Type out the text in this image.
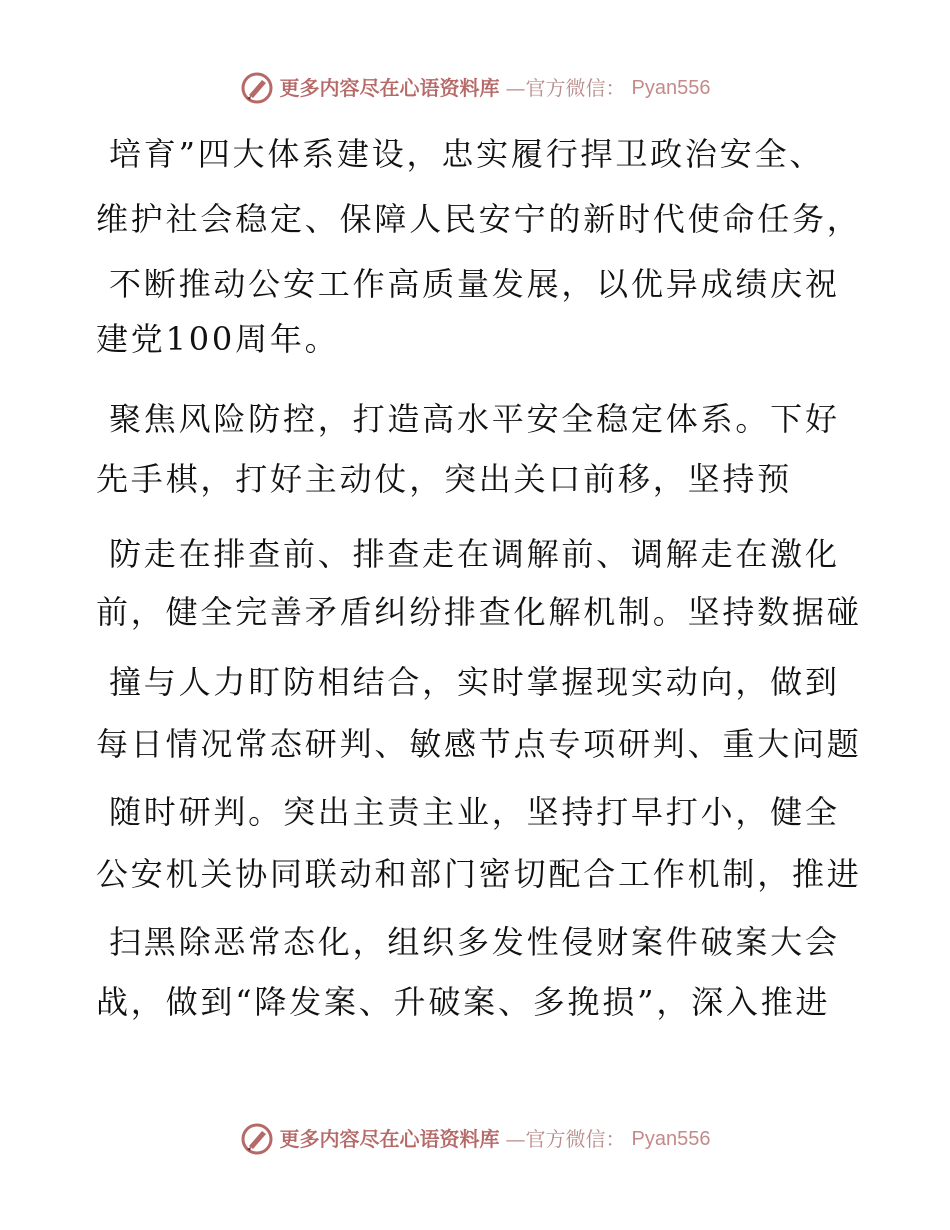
更多内容尽在心语资料库 —官方微信： Pyan556
培育”四大体系建设，忠实履行捍卫政治安全、
维护社会稳定、保障人民安宁的新时代使命任务，
不断推动公安工作高质量发展，以优异成绩庆祝
建党100周年。
聚焦风险防控，打造高水平安全稳定体系。下好
先手棋，打好主动仗，突出关口前移，坚持预
防走在排查前、排查走在调解前、调解走在激化
前，健全完善矛盾纠纷排查化解机制。坚持数据碰
撞与人力盯防相结合，实时掌握现实动向，做到
每日情况常态研判、敏感节点专项研判、重大问题
随时研判。突出主责主业，坚持打早打小，健全
公安机关协同联动和部门密切配合工作机制，推进
扫黑除恶常态化，组织多发性侵财案件破案大会
战，做到“降发案、升破案、多挽损”，深入推进
更多内容尽在心语资料库 —官方微信： Pyan556
